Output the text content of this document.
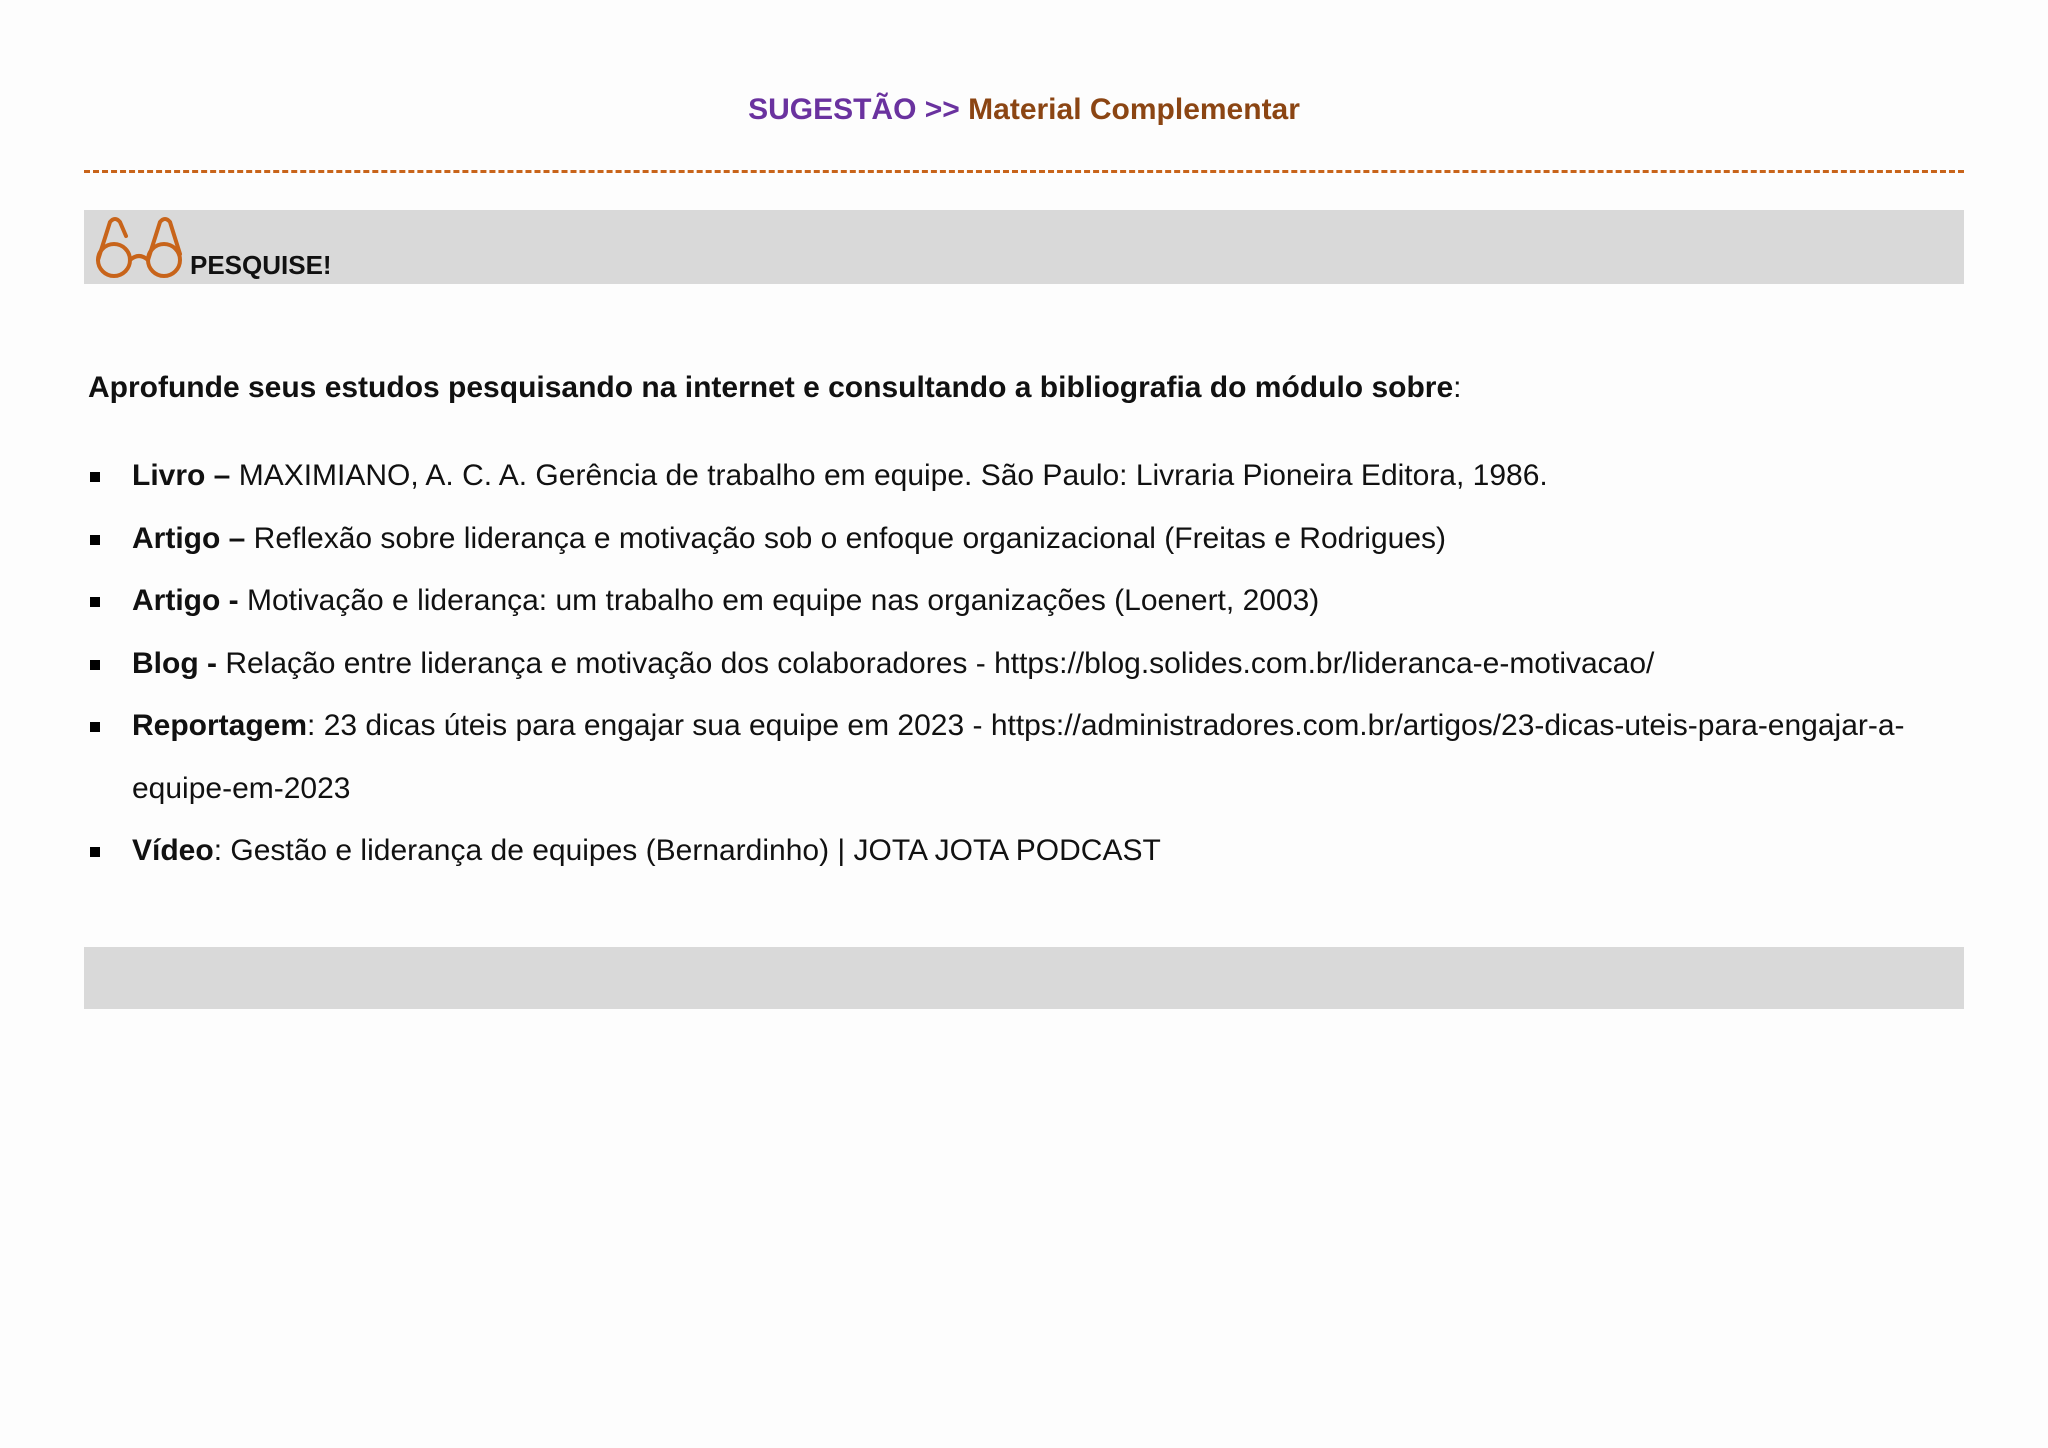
SUGESTÃO >> Material Complementar
PESQUISE!
Aprofunde seus estudos pesquisando na internet e consultando a bibliografia do módulo sobre:
Livro – MAXIMIANO, A. C. A. Gerência de trabalho em equipe. São Paulo: Livraria Pioneira Editora, 1986.
Artigo – Reflexão sobre liderança e motivação sob o enfoque organizacional (Freitas e Rodrigues)
Artigo - Motivação e liderança: um trabalho em equipe nas organizações (Loenert, 2003)
Blog - Relação entre liderança e motivação dos colaboradores - https://blog.solides.com.br/lideranca-e-motivacao/
Reportagem: 23 dicas úteis para engajar sua equipe em 2023 - https://administradores.com.br/artigos/23-dicas-uteis-para-engajar-a-equipe-em-2023
Vídeo: Gestão e liderança de equipes (Bernardinho) | JOTA JOTA PODCAST
